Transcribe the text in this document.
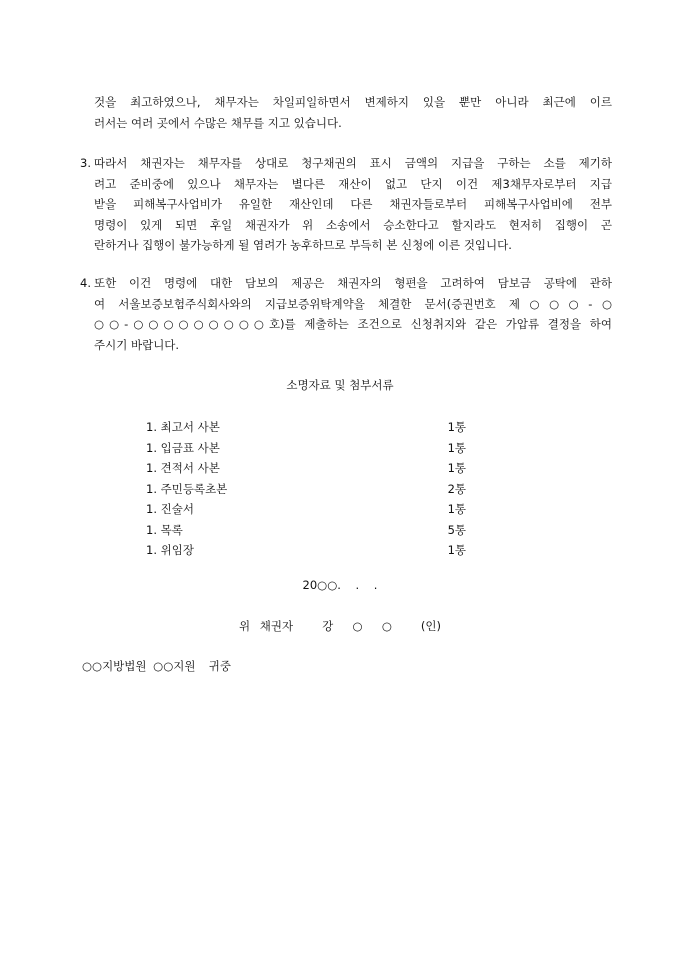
것을 최고하였으나, 채무자는 차일피일하면서 변제하지 있을 뿐만 아니라 최근에 이르
러서는 여러 곳에서 수많은 채무를 지고 있습니다.
3. 따라서 채권자는 채무자를 상대로 청구채권의 표시 금액의 지급을 구하는 소를 제기하
려고 준비중에 있으나 채무자는 별다른 재산이 없고 단지 이건 제3채무자로부터 지급
받을 피해복구사업비가 유일한 재산인데 다른 채권자들로부터 피해복구사업비에 전부
명령이 있게 되면 후일 채권자가 위 소송에서 승소한다고 할지라도 현저히 집행이 곤
란하거나 집행이 불가능하게 될 염려가 농후하므로 부득히 본 신청에 이른 것입니다.
4. 또한 이건 명령에 대한 담보의 제공은 채권자의 형편을 고려하여 담보금 공탁에 관하
여 서울보증보험주식회사와의 지급보증위탁계약을 체결한 문서(증권번호 제○○○-○
○○-○○○○○○○○○호)를 제출하는 조건으로 신청취지와 같은 가압류 결정을 하여
주시기 바랍니다.
소명자료 및 첨부서류
1. 최고서 사본	1통
1. 입금표 사본	1통
1. 견적서 사본	1통
1. 주민등록초본	2통
1. 진술서	1통
1. 목록	5통
1. 위임장	1통
20○○.    .    .
위 채권자   강  ○  ○   (인)
○○지방법원 ○○지원  귀중
